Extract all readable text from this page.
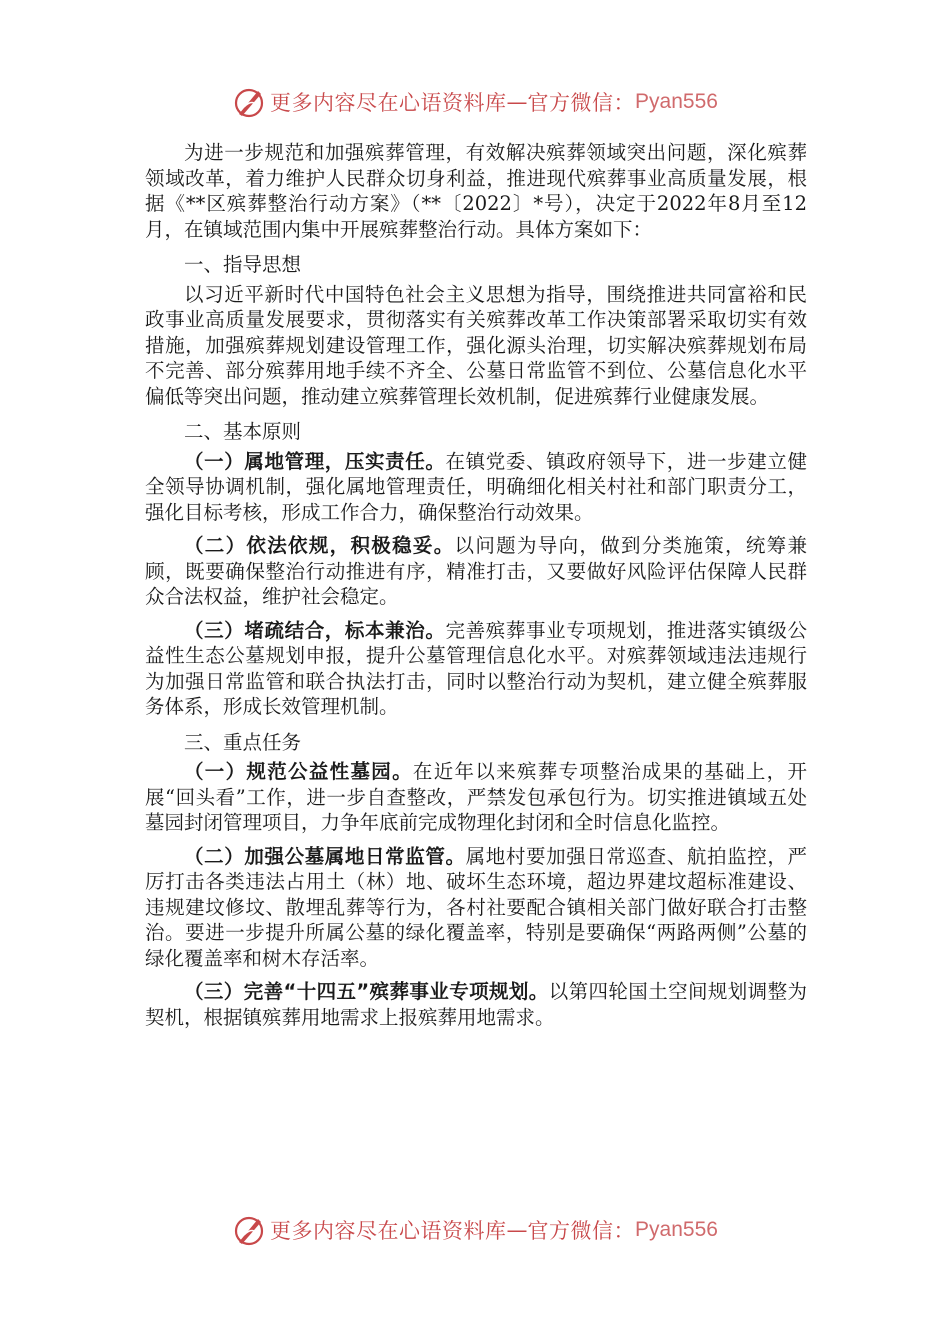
更多内容尽在心语资料库 — 官方微信： Pyan556

为进一步规范和加强殡葬管理，有效解决殡葬领域突出问题，深化殡葬领域改革，着力维护人民群众切身利益，推进现代殡葬事业高质量发展，根据《**区殡葬整治行动方案》（**〔2022〕*号），决定于2022年8月至12月，在镇域范围内集中开展殡葬整治行动。具体方案如下：

一、指导思想

以习近平新时代中国特色社会主义思想为指导，围绕推进共同富裕和民政事业高质量发展要求，贯彻落实有关殡葬改革工作决策部署采取切实有效措施，加强殡葬规划建设管理工作，强化源头治理，切实解决殡葬规划布局不完善、部分殡葬用地手续不齐全、公墓日常监管不到位、公墓信息化水平偏低等突出问题，推动建立殡葬管理长效机制，促进殡葬行业健康发展。

二、基本原则

（一）属地管理，压实责任。在镇党委、镇政府领导下，进一步建立健全领导协调机制，强化属地管理责任，明确细化相关村社和部门职责分工，强化目标考核，形成工作合力，确保整治行动效果。

（二）依法依规，积极稳妥。以问题为导向，做到分类施策，统筹兼顾，既要确保整治行动推进有序，精准打击，又要做好风险评估保障人民群众合法权益，维护社会稳定。

（三）堵疏结合，标本兼治。完善殡葬事业专项规划，推进落实镇级公益性生态公墓规划申报，提升公墓管理信息化水平。对殡葬领域违法违规行为加强日常监管和联合执法打击，同时以整治行动为契机，建立健全殡葬服务体系，形成长效管理机制。

三、重点任务

（一）规范公益性墓园。在近年以来殡葬专项整治成果的基础上，开展“回头看”工作，进一步自查整改，严禁发包承包行为。切实推进镇域五处墓园封闭管理项目，力争年底前完成物理化封闭和全时信息化监控。

（二）加强公墓属地日常监管。属地村要加强日常巡查、航拍监控，严厉打击各类违法占用土（林）地、破坏生态环境，超边界建坟超标准建设、违规建坟修坟、散埋乱葬等行为，各村社要配合镇相关部门做好联合打击整治。要进一步提升所属公墓的绿化覆盖率，特别是要确保“两路两侧”公墓的绿化覆盖率和树木存活率。

（三）完善“十四五”殡葬事业专项规划。以第四轮国土空间规划调整为契机，根据镇殡葬用地需求上报殡葬用地需求。

更多内容尽在心语资料库 — 官方微信： Pyan556
